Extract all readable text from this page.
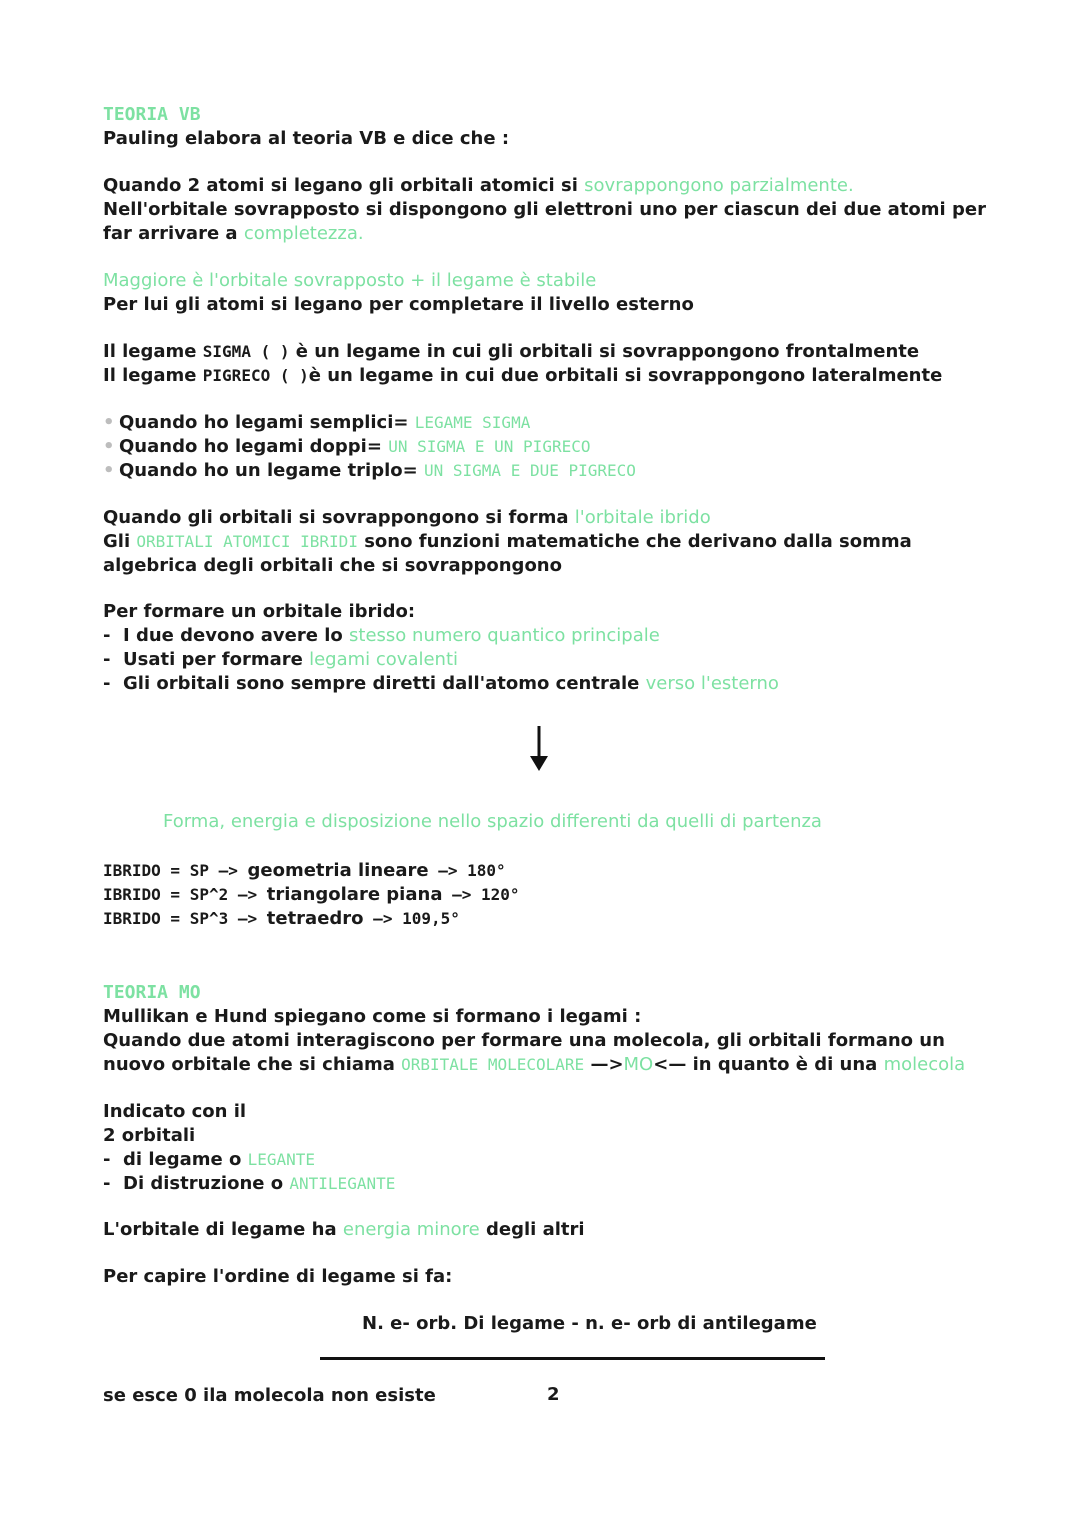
TEORIA VB
Pauling elabora al teoria VB e dice che :
Quando 2 atomi si legano gli orbitali atomici si sovrappongono parzialmente.
Nell'orbitale sovrapposto si dispongono gli elettroni uno per ciascun dei due atomi per
far arrivare a completezza.
Maggiore è l'orbitale sovrapposto + il legame è stabile
Per lui gli atomi si legano per completare il livello esterno
Il legame SIGMA ( ) è un legame in cui gli orbitali si sovrappongono frontalmente
Il legame PIGRECO ( )è un legame in cui due orbitali si sovrappongono lateralmente
• Quando ho legami semplici= LEGAME SIGMA
• Quando ho legami doppi= UN SIGMA E UN PIGRECO
• Quando ho un legame triplo= UN SIGMA E DUE PIGRECO
Quando gli orbitali si sovrappongono si forma l'orbitale ibrido
Gli ORBITALI ATOMICI IBRIDI sono funzioni matematiche che derivano dalla somma
algebrica degli orbitali che si sovrappongono
Per formare un orbitale ibrido:
- I due devono avere lo stesso numero quantico principale
- Usati per formare legami covalenti
- Gli orbitali sono sempre diretti dall'atomo centrale verso l'esterno
Forma, energia e disposizione nello spazio differenti da quelli di partenza
IBRIDO = SP —> geometria lineare —> 180°
IBRIDO = SP^2 —> triangolare piana —> 120°
IBRIDO = SP^3 —> tetraedro —> 109,5°
TEORIA MO
Mullikan e Hund spiegano come si formano i legami :
Quando due atomi interagiscono per formare una molecola, gli orbitali formano un
nuovo orbitale che si chiama ORBITALE MOLECOLARE —>MO<— in quanto è di una molecola
Indicato con il
2 orbitali
- di legame o LEGANTE
- Di distruzione o ANTILEGANTE
L'orbitale di legame ha energia minore degli altri
Per capire l'ordine di legame si fa:
N. e- orb. Di legame - n. e- orb di antilegame
se esce 0 ila molecola non esiste	2
